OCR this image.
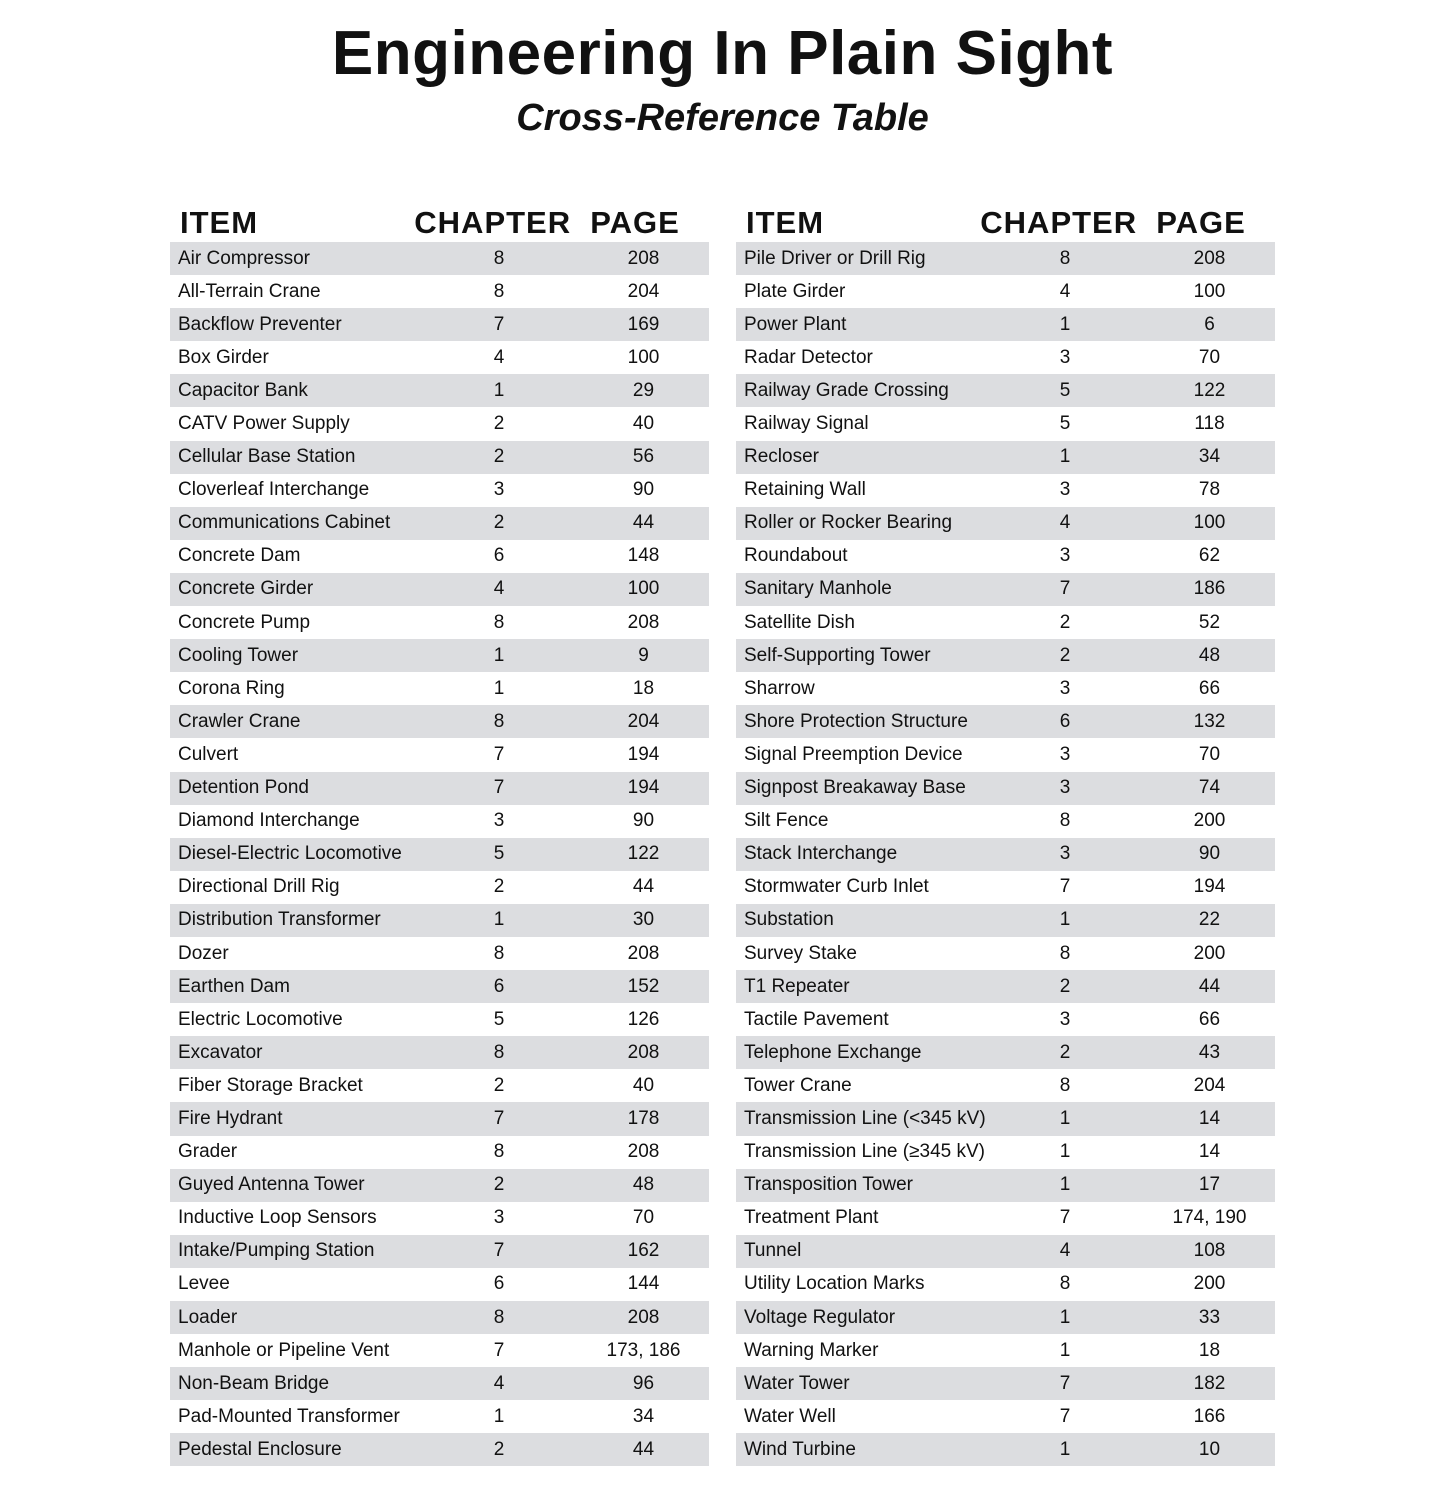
Engineering In Plain Sight
Cross-Reference Table
ITEM	CHAPTER PAGE
Air Compressor	8	208
All-Terrain Crane	8	204
Backflow Preventer	7	169
Box Girder	4	100
Capacitor Bank	1	29
CATV Power Supply	2	40
Cellular Base Station	2	56
Cloverleaf Interchange	3	90
Communications Cabinet	2	44
Concrete Dam	6	148
Concrete Girder	4	100
Concrete Pump	8	208
Cooling Tower	1	9
Corona Ring	1	18
Crawler Crane	8	204
Culvert	7	194
Detention Pond	7	194
Diamond Interchange	3	90
Diesel-Electric Locomotive	5	122
Directional Drill Rig	2	44
Distribution Transformer	1	30
Dozer	8	208
Earthen Dam	6	152
Electric Locomotive	5	126
Excavator	8	208
Fiber Storage Bracket	2	40
Fire Hydrant	7	178
Grader	8	208
Guyed Antenna Tower	2	48
Inductive Loop Sensors	3	70
Intake/Pumping Station	7	162
Levee	6	144
Loader	8	208
Manhole or Pipeline Vent	7	173, 186
Non-Beam Bridge	4	96
Pad-Mounted Transformer	1	34
Pedestal Enclosure	2	44
ITEM	CHAPTER PAGE
Pile Driver or Drill Rig	8	208
Plate Girder	4	100
Power Plant	1	6
Radar Detector	3	70
Railway Grade Crossing	5	122
Railway Signal	5	118
Recloser	1	34
Retaining Wall	3	78
Roller or Rocker Bearing	4	100
Roundabout	3	62
Sanitary Manhole	7	186
Satellite Dish	2	52
Self-Supporting Tower	2	48
Sharrow	3	66
Shore Protection Structure	6	132
Signal Preemption Device	3	70
Signpost Breakaway Base	3	74
Silt Fence	8	200
Stack Interchange	3	90
Stormwater Curb Inlet	7	194
Substation	1	22
Survey Stake	8	200
T1 Repeater	2	44
Tactile Pavement	3	66
Telephone Exchange	2	43
Tower Crane	8	204
Transmission Line (<345 kV)	1	14
Transmission Line (≥345 kV)	1	14
Transposition Tower	1	17
Treatment Plant	7	174, 190
Tunnel	4	108
Utility Location Marks	8	200
Voltage Regulator	1	33
Warning Marker	1	18
Water Tower	7	182
Water Well	7	166
Wind Turbine	1	10
